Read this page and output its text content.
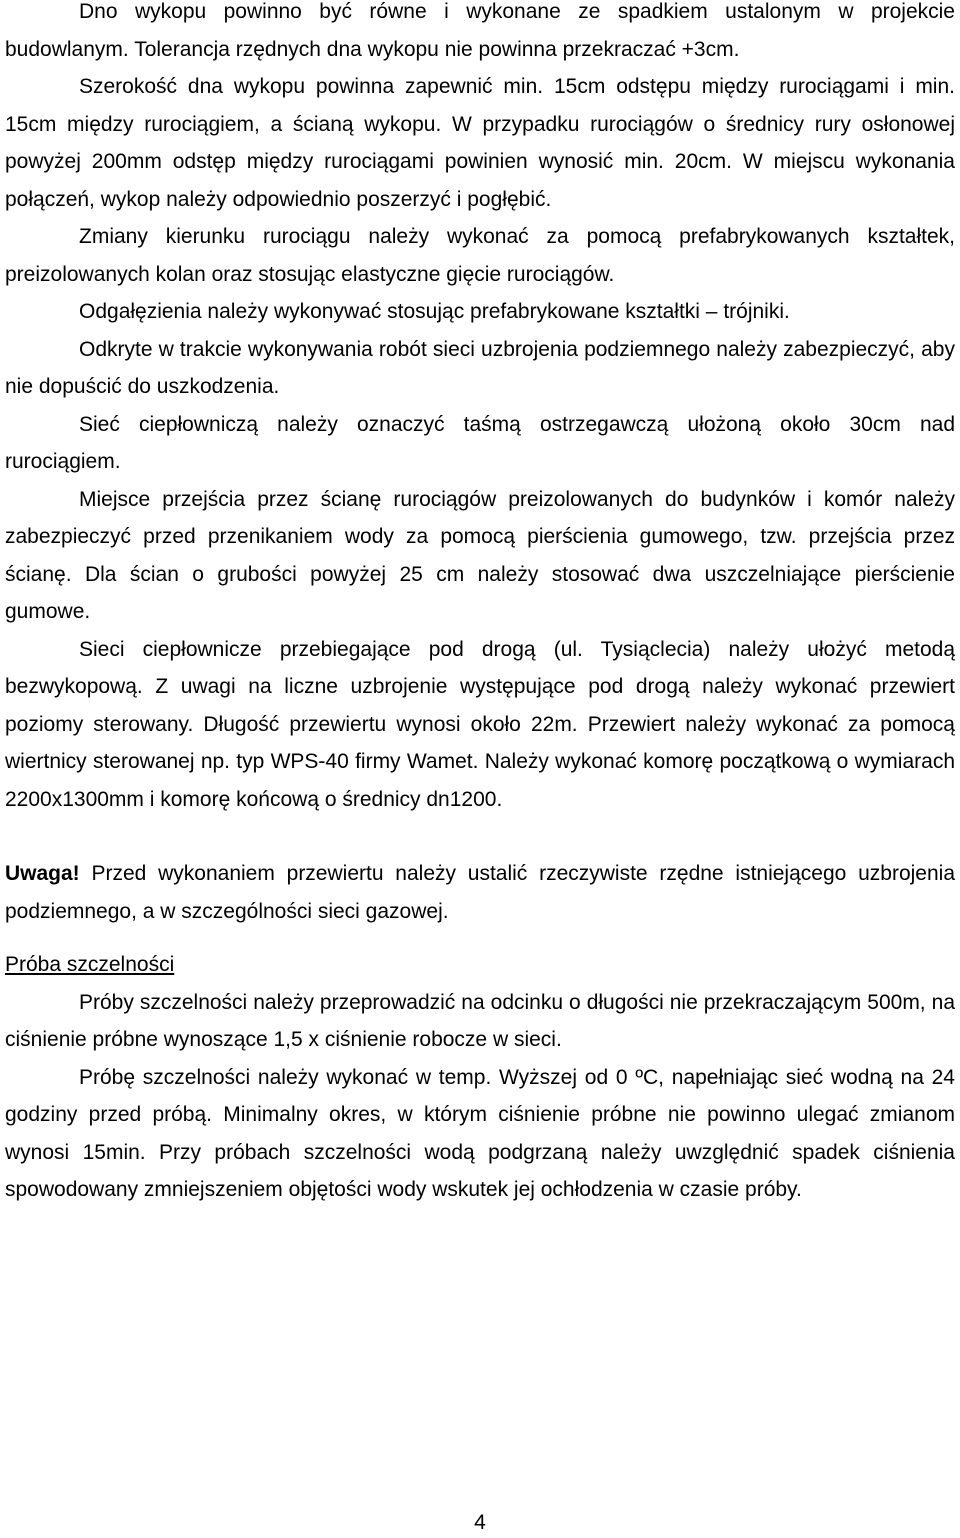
Dno wykopu powinno być równe i wykonane ze spadkiem ustalonym w projekcie budowlanym. Tolerancja rzędnych dna wykopu nie powinna przekraczać +3cm.

Szerokość dna wykopu powinna zapewnić min. 15cm odstępu między rurociągami i min. 15cm między rurociągiem, a ścianą wykopu. W przypadku rurociągów o średnicy rury osłonowej powyżej 200mm odstęp między rurociągami powinien wynosić min. 20cm. W miejscu wykonania połączeń, wykop należy odpowiednio poszerzyć i pogłębić.

Zmiany kierunku rurociągu należy wykonać za pomocą prefabrykowanych kształtek, preizolowanych kolan oraz stosując elastyczne gięcie rurociągów.

Odgałęzienia należy wykonywać stosując prefabrykowane kształtki – trójniki.

Odkryte w trakcie wykonywania robót sieci uzbrojenia podziemnego należy zabezpieczyć, aby nie dopuścić do uszkodzenia.

Sieć ciepłowniczą należy oznaczyć taśmą ostrzegawczą ułożoną około 30cm nad rurociągiem.

Miejsce przejścia przez ścianę rurociągów preizolowanych do budynków i komór należy zabezpieczyć przed przenikaniem wody za pomocą pierścienia gumowego, tzw. przejścia przez ścianę. Dla ścian o grubości powyżej 25 cm należy stosować dwa uszczelniające pierścienie gumowe.

Sieci ciepłownicze przebiegające pod drogą (ul. Tysiąclecia) należy ułożyć metodą bezwykopową. Z uwagi na liczne uzbrojenie występujące pod drogą należy wykonać przewiert poziomy sterowany. Długość przewiertu wynosi około 22m. Przewiert należy wykonać za pomocą wiertnicy sterowanej np. typ WPS-40 firmy Wamet. Należy wykonać komorę początkową o wymiarach 2200x1300mm i komorę końcową o średnicy dn1200.

Uwaga! Przed wykonaniem przewiertu należy ustalić rzeczywiste rzędne istniejącego uzbrojenia podziemnego, a w szczególności sieci gazowej.

Próba szczelności

Próby szczelności należy przeprowadzić na odcinku o długości nie przekraczającym 500m, na ciśnienie próbne wynoszące 1,5 x ciśnienie robocze w sieci.

Próbę szczelności należy wykonać w temp. Wyższej od 0 ºC, napełniając sieć wodną na 24 godziny przed próbą. Minimalny okres, w którym ciśnienie próbne nie powinno ulegać zmianom wynosi 15min. Przy próbach szczelności wodą podgrzaną należy uwzględnić spadek ciśnienia spowodowany zmniejszeniem objętości wody wskutek jej ochłodzenia w czasie próby.

4
